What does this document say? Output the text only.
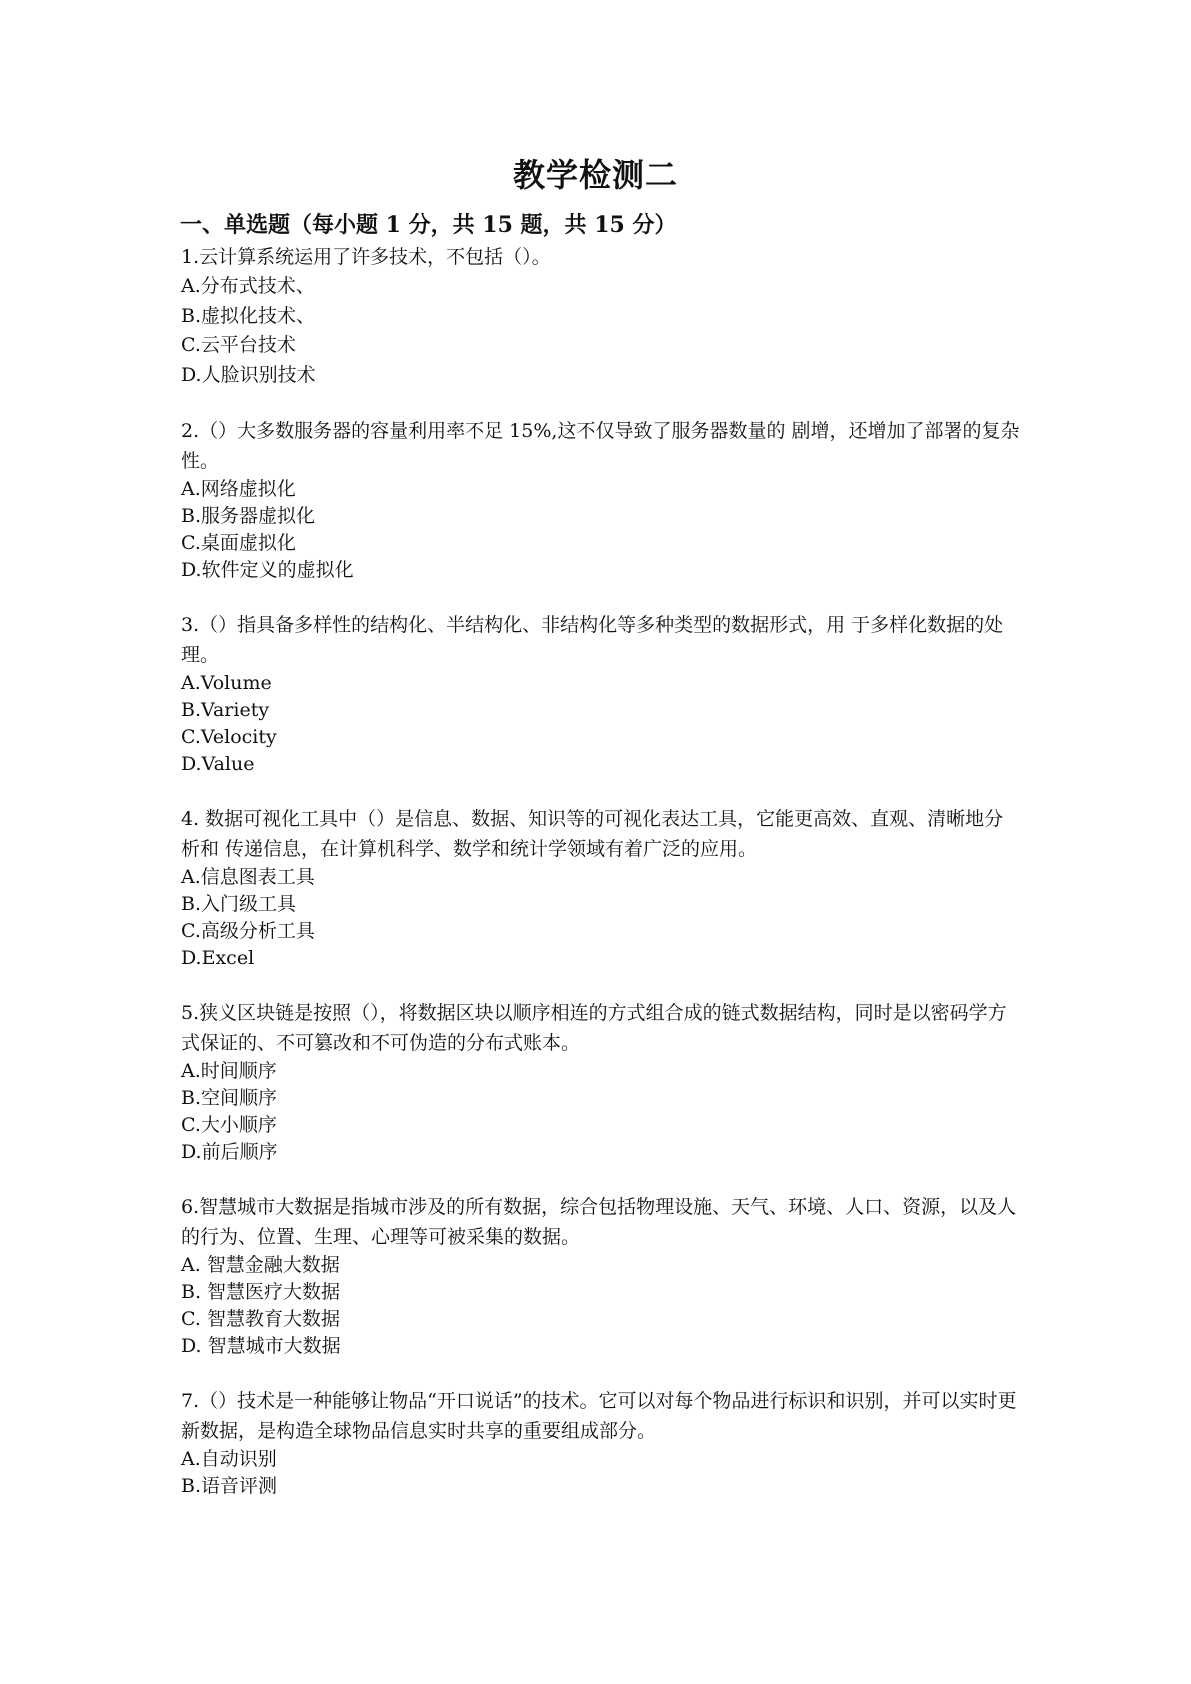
教学检测二
一、单选题（每小题 1 分，共 15 题，共 15 分）

1.云计算系统运用了许多技术，不包括（）。

A.分布式技术、

B.虚拟化技术、

C.云平台技术

D.人脸识别技术

2.（）大多数服务器的容量利用率不足 15%,这不仅导致了服务器数量的 剧增，还增加了部署的复杂性。

A.网络虚拟化

B.服务器虚拟化

C.桌面虚拟化

D.软件定义的虚拟化

3.（）指具备多样性的结构化、半结构化、非结构化等多种类型的数据形式，用 于多样化数据的处理。

A.Volume

B.Variety

C.Velocity

D.Value

4. 数据可视化工具中（）是信息、数据、知识等的可视化表达工具，它能更高效、直观、清晰地分析和 传递信息，在计算机科学、数学和统计学领域有着广泛的应用。

A.信息图表工具

B.入门级工具

C.高级分析工具

D.Excel

5.狭义区块链是按照（），将数据区块以顺序相连的方式组合成的链式数据结构，同时是以密码学方式保证的、不可篡改和不可伪造的分布式账本。

A.时间顺序

B.空间顺序

C.大小顺序

D.前后顺序

6.智慧城市大数据是指城市涉及的所有数据，综合包括物理设施、天气、环境、人口、资源，以及人的行为、位置、生理、心理等可被采集的数据。

A. 智慧金融大数据

B. 智慧医疗大数据

C. 智慧教育大数据

D. 智慧城市大数据

7.（）技术是一种能够让物品“开口说话”的技术。它可以对每个物品进行标识和识别，并可以实时更新数据，是构造全球物品信息实时共享的重要组成部分。

A.自动识别

B.语音评测
